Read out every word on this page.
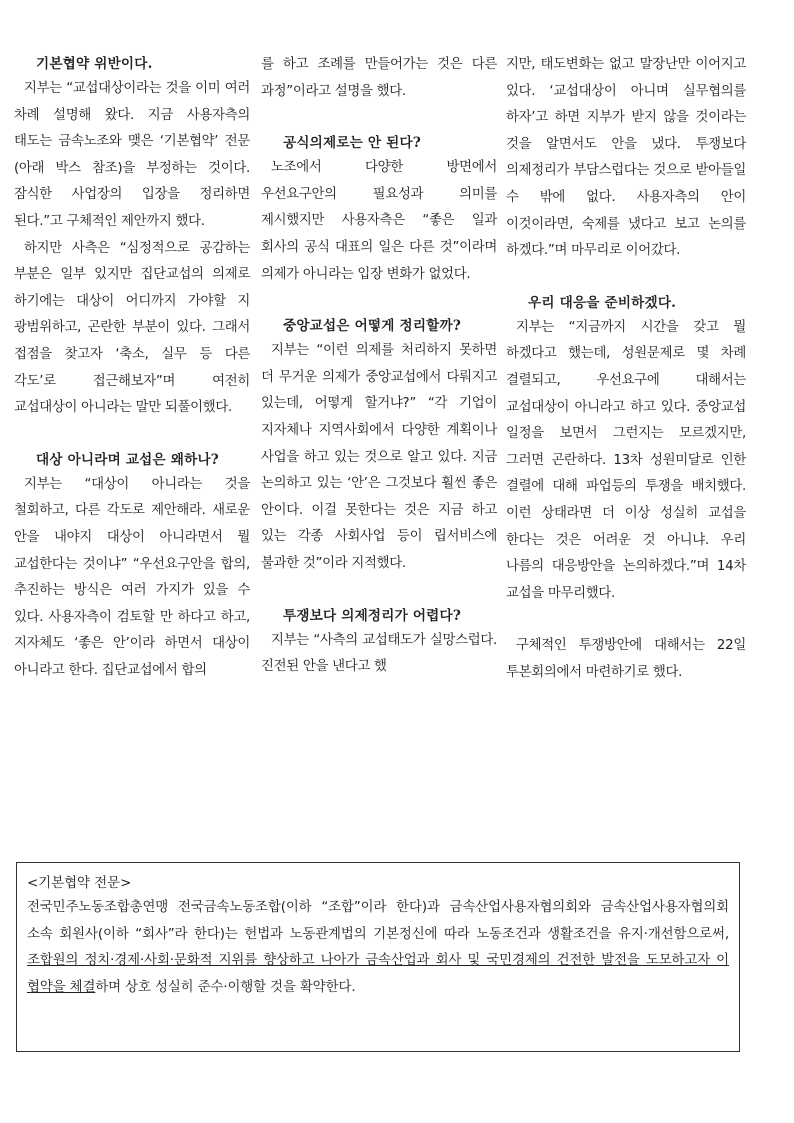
기본협약 위반이다.

지부는 “교섭대상이라는 것을 이미 여러 차례 설명해 왔다. 지금 사용자측의 태도는 금속노조와 맺은 ‘기본협약’ 전문(아래 박스 참조)을 부정하는 것이다. 잠식한 사업장의 입장을 정리하면 된다.”고 구체적인 제안까지 했다.

하지만 사측은 “심정적으로 공감하는 부분은 일부 있지만 집단교섭의 의제로 하기에는 대상이 어디까지 가야할 지 광범위하고, 곤란한 부분이 있다. 그래서 접점을 찾고자 ‘축소, 실무 등 다른 각도’로 접근해보자”며 여전히 교섭대상이 아니라는 말만 되풀이했다.

대상 아니라며 교섭은 왜하나?

지부는 “대상이 아니라는 것을 철회하고, 다른 각도로 제안해라. 새로운 안을 내야지 대상이 아니라면서 뭘 교섭한다는 것이냐” “우선요구안을 합의, 추진하는 방식은 여러 가지가 있을 수 있다. 사용자측이 검토할 만 하다고 하고, 지자체도 ‘좋은 안’이라 하면서 대상이 아니라고 한다. 집단교섭에서 합의

를 하고 조례를 만들어가는 것은 다른 과정”이라고 설명을 했다.

공식의제로는 안 된다?

노조에서 다양한 방면에서 우선요구안의 필요성과 의미를 제시했지만 사용자측은 “좋은 일과 회사의 공식 대표의 일은 다른 것”이라며 의제가 아니라는 입장 변화가 없었다.

중앙교섭은 어떻게 정리할까?

지부는 “이런 의제를 처리하지 못하면 더 무거운 의제가 중앙교섭에서 다뤄지고 있는데, 어떻게 할거냐?” “각 기업이 지자체나 지역사회에서 다양한 계획이나 사업을 하고 있는 것으로 알고 있다. 지금 논의하고 있는 ‘안’은 그것보다 훨씬 좋은 안이다. 이걸 못한다는 것은 지금 하고 있는 각종 사회사업 등이 립서비스에 불과한 것”이라 지적했다.

투쟁보다 의제정리가 어렵다?

지부는 “사측의 교섭태도가 실망스럽다. 진전된 안을 낸다고 했

지만, 태도변화는 없고 말장난만 이어지고 있다. ‘교섭대상이 아니며 실무협의를 하자’고 하면 지부가 받지 않을 것이라는 것을 알면서도 안을 냈다. 투쟁보다 의제정리가 부담스럽다는 것으로 받아들일 수 밖에 없다. 사용자측의 안이 이것이라면, 숙제를 냈다고 보고 논의를 하겠다.”며 마무리로 이어갔다.

우리 대응을 준비하겠다.

지부는 “지금까지 시간을 갖고 뭘 하겠다고 했는데, 성원문제로 몇 차례 결렬되고, 우선요구에 대해서는 교섭대상이 아니라고 하고 있다. 중앙교섭 일정을 보면서 그런지는 모르겠지만, 그러면 곤란하다. 13차 성원미달로 인한 결렬에 대해 파업등의 투쟁을 배치했다. 이런 상태라면 더 이상 성실히 교섭을 한다는 것은 어려운 것 아니냐. 우리 나름의 대응방안을 논의하겠다.”며 14차 교섭을 마무리했다.

구체적인 투쟁방안에 대해서는 22일 투본회의에서 마련하기로 했다.

<기본협약 전문>

전국민주노동조합총연맹 전국금속노동조합(이하 “조합”이라 한다)과 금속산업사용자협의회와 금속산업사용자협의회 소속 회원사(이하 “회사”라 한다)는 헌법과 노동관계법의 기본정신에 따라 노동조건과 생활조건을 유지·개선함으로써, 조합원의 정치·경제·사회·문화적 지위를 향상하고 나아가 금속산업과 회사 및 국민경제의 건전한 발전을 도모하고자 이 협약을 체결하며 상호 성실히 준수·이행할 것을 확약한다.
